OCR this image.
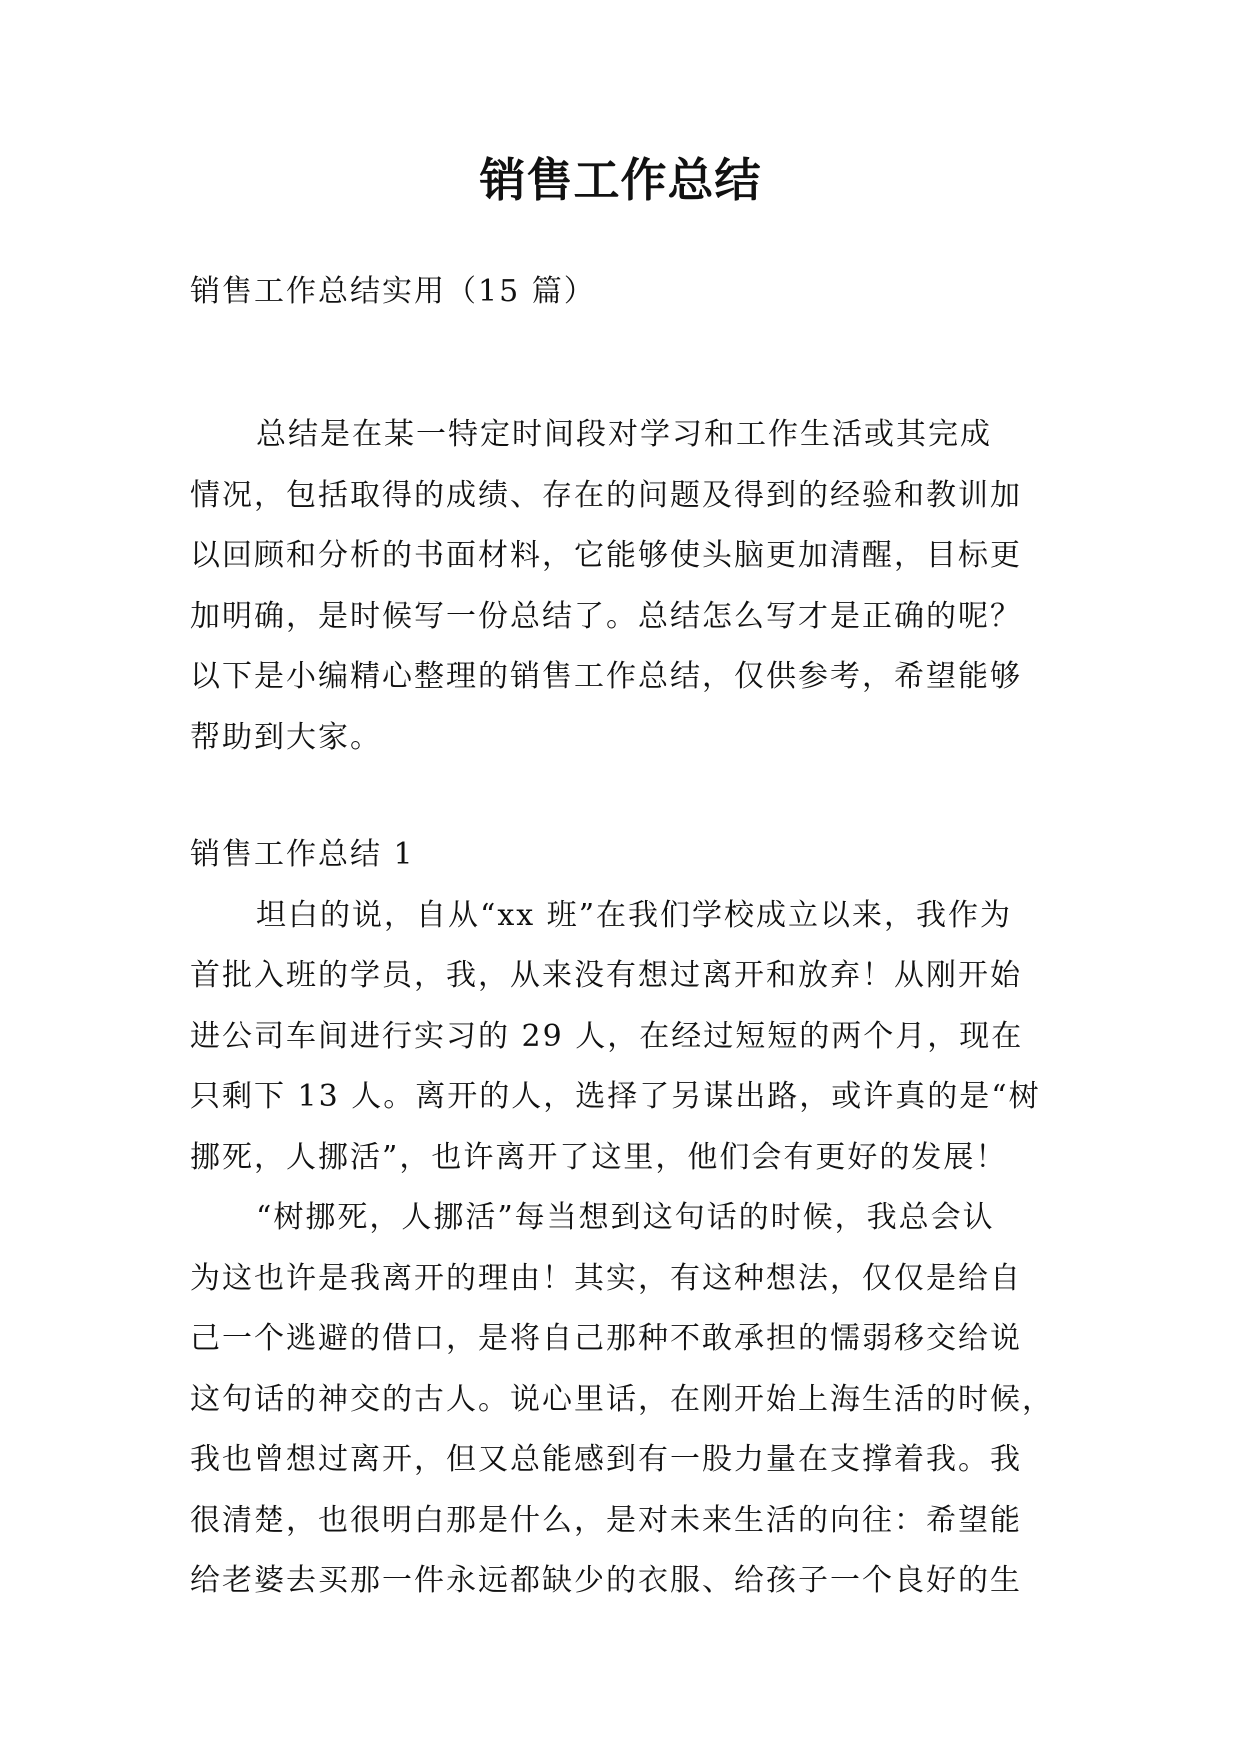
销售工作总结
销售工作总结实用（15 篇）
总结是在某一特定时间段对学习和工作生活或其完成
情况，包括取得的成绩、存在的问题及得到的经验和教训加
以回顾和分析的书面材料，它能够使头脑更加清醒，目标更
加明确，是时候写一份总结了。总结怎么写才是正确的呢？
以下是小编精心整理的销售工作总结，仅供参考，希望能够
帮助到大家。
销售工作总结 1
坦白的说，自从“xx 班”在我们学校成立以来，我作为
首批入班的学员，我，从来没有想过离开和放弃！从刚开始
进公司车间进行实习的 29 人，在经过短短的两个月，现在
只剩下 13 人。离开的人，选择了另谋出路，或许真的是“树
挪死，人挪活”，也许离开了这里，他们会有更好的发展！
“树挪死，人挪活”每当想到这句话的时候，我总会认
为这也许是我离开的理由！其实，有这种想法，仅仅是给自
己一个逃避的借口，是将自己那种不敢承担的懦弱移交给说
这句话的神交的古人。说心里话，在刚开始上海生活的时候，
我也曾想过离开，但又总能感到有一股力量在支撑着我。我
很清楚，也很明白那是什么，是对未来生活的向往：希望能
给老婆去买那一件永远都缺少的衣服、给孩子一个良好的生
